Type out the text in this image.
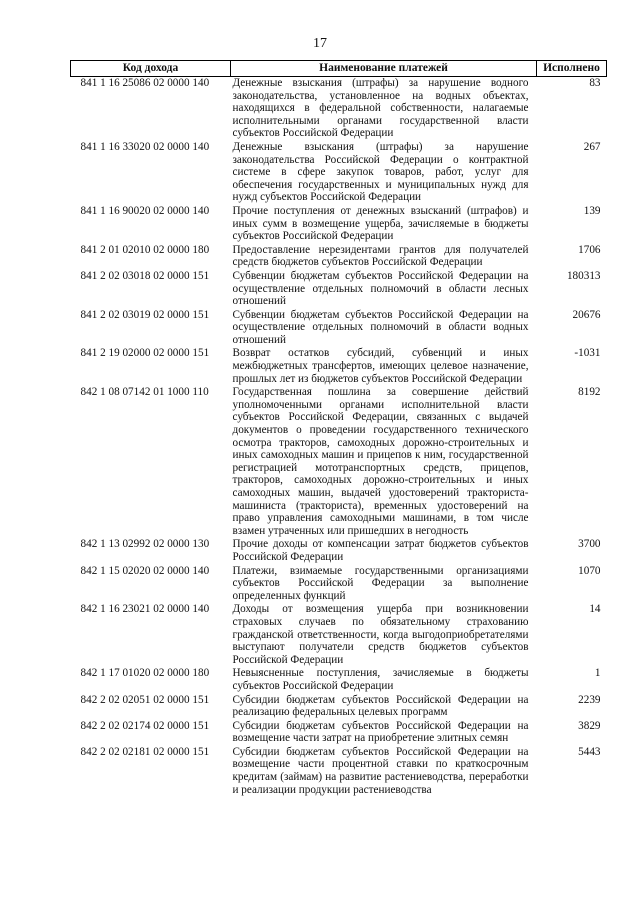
17
Код дохода	Наименование платежей	Исполнено
841 1 16 25086 02 0000 140	Денежные взыскания (штрафы) за нарушение водного законодательства, установленное на водных объектах, находящихся в федеральной собственности, налагаемые исполнительными органами государственной власти субъектов Российской Федерации	83
841 1 16 33020 02 0000 140	Денежные взыскания (штрафы) за нарушение законодательства Российской Федерации о контрактной системе в сфере закупок товаров, работ, услуг для обеспечения государственных и муниципальных нужд для нужд субъектов Российской Федерации	267
841 1 16 90020 02 0000 140	Прочие поступления от денежных взысканий (штрафов) и иных сумм в возмещение ущерба, зачисляемые в бюджеты субъектов Российской Федерации	139
841 2 01 02010 02 0000 180	Предоставление нерезидентами грантов для получателей средств бюджетов субъектов Российской Федерации	1706
841 2 02 03018 02 0000 151	Субвенции бюджетам субъектов Российской Федерации на осуществление отдельных полномочий в области лесных отношений	180313
841 2 02 03019 02 0000 151	Субвенции бюджетам субъектов Российской Федерации на осуществление отдельных полномочий в области водных отношений	20676
841 2 19 02000 02 0000 151	Возврат остатков субсидий, субвенций и иных межбюджетных трансфертов, имеющих целевое назначение, прошлых лет из бюджетов субъектов Российской Федерации	-1031
842 1 08 07142 01 1000 110	Государственная пошлина за совершение действий уполномоченными органами исполнительной власти субъектов Российской Федерации, связанных с выдачей документов о проведении государственного технического осмотра тракторов, самоходных дорожно-строительных и иных самоходных машин и прицепов к ним, государственной регистрацией мототранспортных средств, прицепов, тракторов, самоходных дорожно-строительных и иных самоходных машин, выдачей удостоверений тракториста-машиниста (тракториста), временных удостоверений на право управления самоходными машинами, в том числе взамен утраченных или пришедших в негодность	8192
842 1 13 02992 02 0000 130	Прочие доходы от компенсации затрат бюджетов субъектов Российской Федерации	3700
842 1 15 02020 02 0000 140	Платежи, взимаемые государственными организациями субъектов Российской Федерации за выполнение определенных функций	1070
842 1 16 23021 02 0000 140	Доходы от возмещения ущерба при возникновении страховых случаев по обязательному страхованию гражданской ответственности, когда выгодоприобретателями выступают получатели средств бюджетов субъектов Российской Федерации	14
842 1 17 01020 02 0000 180	Невыясненные поступления, зачисляемые в бюджеты субъектов Российской Федерации	1
842 2 02 02051 02 0000 151	Субсидии бюджетам субъектов Российской Федерации на реализацию федеральных целевых программ	2239
842 2 02 02174 02 0000 151	Субсидии бюджетам субъектов Российской Федерации на возмещение части затрат на приобретение элитных семян	3829
842 2 02 02181 02 0000 151	Субсидии бюджетам субъектов Российской Федерации на возмещение части процентной ставки по краткосрочным кредитам (займам) на развитие растениеводства, переработки и реализации продукции растениеводства	5443
